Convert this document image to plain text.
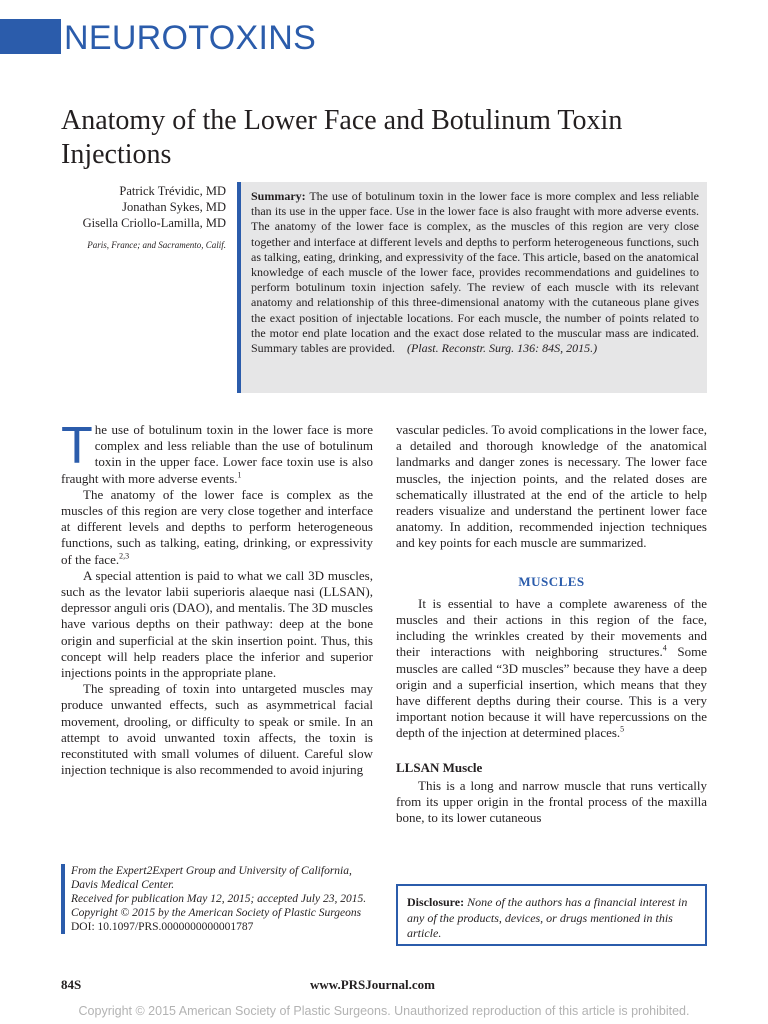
NEUROTOXINS
Anatomy of the Lower Face and Botulinum Toxin Injections
Patrick Trévidic, MD
Jonathan Sykes, MD
Gisella Criollo-Lamilla, MD
Paris, France; and Sacramento, Calif.
Summary: The use of botulinum toxin in the lower face is more complex and less reliable than its use in the upper face. Use in the lower face is also fraught with more adverse events. The anatomy of the lower face is complex, as the muscles of this region are very close together and interface at different levels and depths to perform heterogeneous functions, such as talking, eating, drinking, and expressivity of the face. This article, based on the anatomical knowledge of each muscle of the lower face, provides recommendations and guidelines to perform botulinum toxin injection safely. The review of each muscle with its relevant anatomy and relationship of this three-dimensional anatomy with the cutaneous plane gives the exact position of injectable locations. For each muscle, the number of points related to the motor end plate location and the exact dose related to the muscular mass are indicated. Summary tables are provided. (Plast. Reconstr. Surg. 136: 84S, 2015.)

The use of botulinum toxin in the lower face is more complex and less reliable than the use of botulinum toxin in the upper face. Lower face toxin use is also fraught with more adverse events.$^1$

The anatomy of the lower face is complex as the muscles of this region are very close together and interface at different levels and depths to perform heterogeneous functions, such as talking, eating, drinking, or expressivity of the face.$^{2,3}$

A special attention is paid to what we call 3D muscles, such as the levator labii superioris alaeque nasi (LLSAN), depressor anguli oris (DAO), and mentalis. The 3D muscles have various depths on their pathway: deep at the bone origin and superficial at the skin insertion point. Thus, this concept will help readers place the inferior and superior injections points in the appropriate plane.

The spreading of toxin into untargeted muscles may produce unwanted effects, such as asymmetrical facial movement, drooling, or difficulty to speak or smile. In an attempt to avoid unwanted toxin affects, the toxin is reconstituted with small volumes of diluent. Careful slow injection technique is also recommended to avoid injuring

vascular pedicles. To avoid complications in the lower face, a detailed and thorough knowledge of the anatomical landmarks and danger zones is necessary. The lower face muscles, the injection points, and the related doses are schematically illustrated at the end of the article to help readers visualize and understand the pertinent lower face anatomy. In addition, recommended injection techniques and key points for each muscle are summarized.

MUSCLES

It is essential to have a complete awareness of the muscles and their actions in this region of the face, including the wrinkles created by their movements and their interactions with neighboring structures.$^4$ Some muscles are called “3D muscles” because they have a deep origin and a superficial insertion, which means that they have different depths during their course. This is a very important notion because it will have repercussions on the depth of the injection at determined places.$^5$

LLSAN Muscle

This is a long and narrow muscle that runs vertically from its upper origin in the frontal process of the maxilla bone, to its lower cutaneous

From the Expert2Expert Group and University of California, Davis Medical Center.
Received for publication May 12, 2015; accepted July 23, 2015.
Copyright © 2015 by the American Society of Plastic Surgeons
DOI: 10.1097/PRS.0000000000001787
Disclosure: None of the authors has a financial interest in any of the products, devices, or drugs mentioned in this article.
84S	www.PRSJournal.com
Copyright © 2015 American Society of Plastic Surgeons. Unauthorized reproduction of this article is prohibited.
